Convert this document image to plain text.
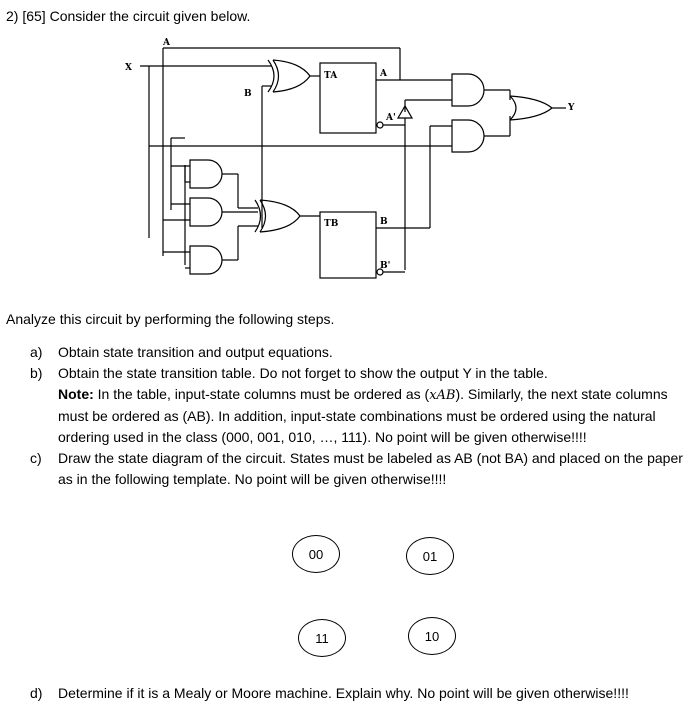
2) [65] Consider the circuit given below.
X
A
B
TA
TB
A
A'
B
B'
Y
Analyze this circuit by performing the following steps.
a) Obtain state transition and output equations.
b) Obtain the state transition table. Do not forget to show the output Y in the table.
Note: In the table, input-state columns must be ordered as (xAB). Similarly, the next state columns must be ordered as (AB). In addition, input-state combinations must be ordered using the natural ordering used in the class (000, 001, 010, …, 111). No point will be given otherwise!!!!
c) Draw the state diagram of the circuit. States must be labeled as AB (not BA) and placed on the paper as in the following template. No point will be given otherwise!!!!
00	01
11	10
d) Determine if it is a Mealy or Moore machine. Explain why. No point will be given otherwise!!!!
